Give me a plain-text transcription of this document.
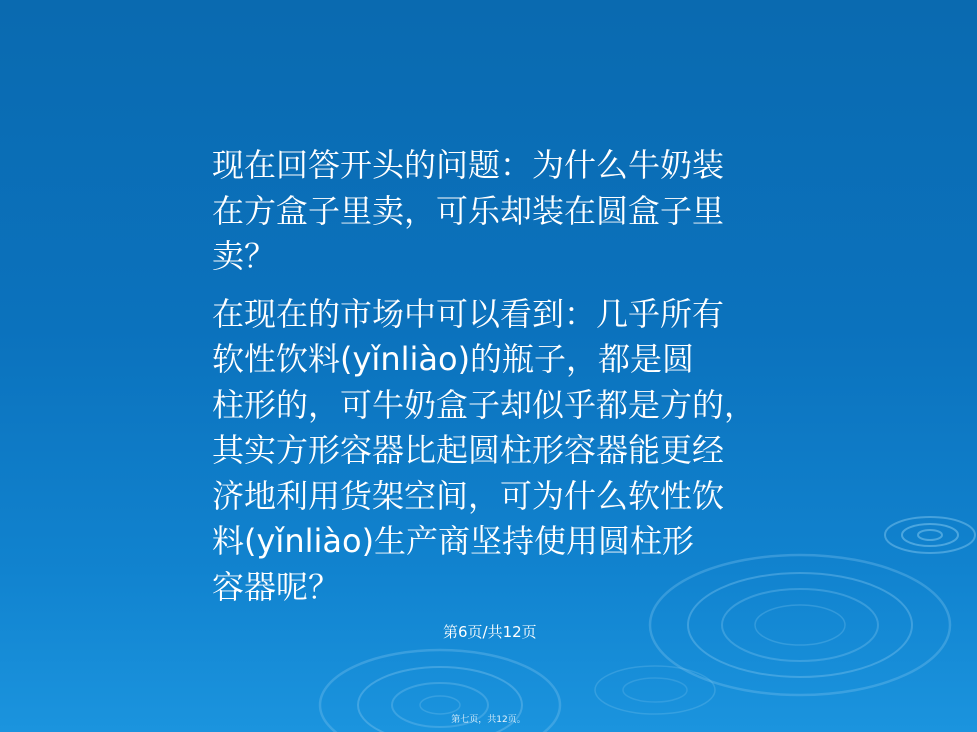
现在回答开头的问题：为什么牛奶装
在方盒子里卖，可乐却装在圆盒子里
卖？

在现在的市场中可以看到：几乎所有
软性饮料(yǐnliào)的瓶子，都是圆
柱形的，可牛奶盒子却似乎都是方的，
其实方形容器比起圆柱形容器能更经
济地利用货架空间，可为什么软性饮
料(yǐnliào)生产商坚持使用圆柱形
容器呢？

第6页/共12页
第七页，共12页。
